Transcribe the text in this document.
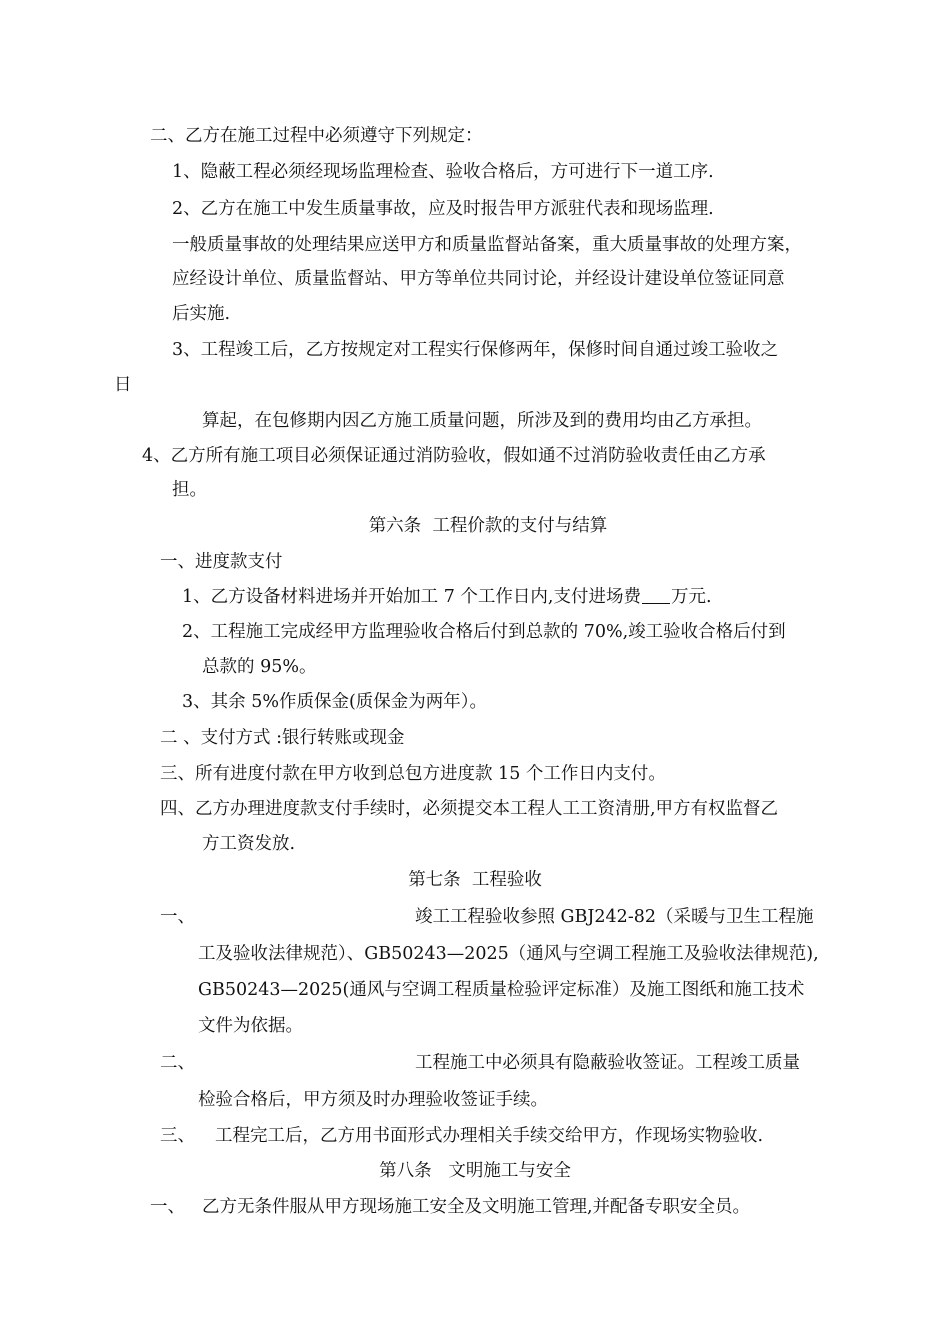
二、乙方在施工过程中必须遵守下列规定：
1、隐蔽工程必须经现场监理检查、验收合格后，方可进行下一道工序.
2、乙方在施工中发生质量事故，应及时报告甲方派驻代表和现场监理.
一般质量事故的处理结果应送甲方和质量监督站备案，重大质量事故的处理方案，
应经设计单位、质量监督站、甲方等单位共同讨论，并经设计建设单位签证同意
后实施.
3、工程竣工后，乙方按规定对工程实行保修两年，保修时间自通过竣工验收之
日
算起，在包修期内因乙方施工质量问题，所涉及到的费用均由乙方承担。
4、乙方所有施工项目必须保证通过消防验收，假如通不过消防验收责任由乙方承
担。
第六条  工程价款的支付与结算
一、进度款支付
1、乙方设备材料进场并开始加工 7 个工作日内,支付进场费 万元.
2、工程施工完成经甲方监理验收合格后付到总款的 70%,竣工验收合格后付到
总款的 95%。
3、其余 5%作质保金(质保金为两年）。
二 、支付方式 :银行转账或现金
三、所有进度付款在甲方收到总包方进度款 15 个工作日内支付。
四、乙方办理进度款支付手续时，必须提交本工程人工工资清册,甲方有权监督乙
方工资发放.
第七条  工程验收
一、	竣工工程验收参照 GBJ242-82（采暖与卫生工程施
工及验收法律规范）、GB50243—2025（通风与空调工程施工及验收法律规范),
GB50243—2025(通风与空调工程质量检验评定标准）及施工图纸和施工技术
文件为依据。
二、	工程施工中必须具有隐蔽验收签证。工程竣工质量
检验合格后，甲方须及时办理验收签证手续。
三、 工程完工后，乙方用书面形式办理相关手续交给甲方，作现场实物验收.
第八条   文明施工与安全
一、 乙方无条件服从甲方现场施工安全及文明施工管理,并配备专职安全员。
